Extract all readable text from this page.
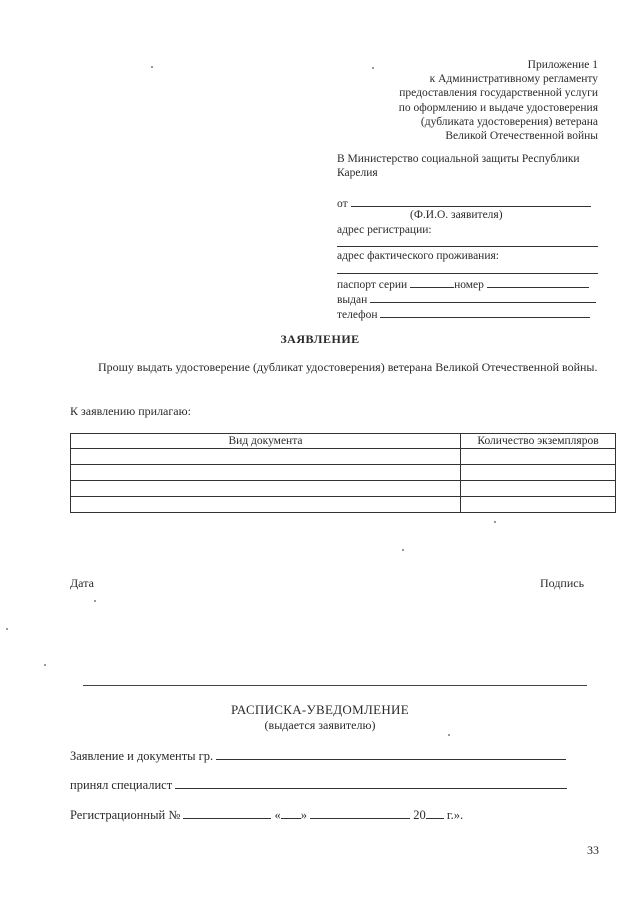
Приложение 1
к Административному регламенту
предоставления государственной услуги
по оформлению и выдаче удостоверения
(дубликата удостоверения) ветерана
Великой Отечественной войны
В Министерство социальной защиты Республики
Карелия
от
(Ф.И.О. заявителя)
адрес регистрации:
адрес фактического проживания:
паспорт серии	номер
выдан
телефон
ЗАЯВЛЕНИЕ
Прошу выдать удостоверение (дубликат удостоверения) ветерана Великой Отечественной войны.
К заявлению прилагаю:
Вид документа	Количество экземпляров

Дата	Подпись
РАСПИСКА-УВЕДОМЛЕНИЕ
(выдается заявителю)
Заявление и документы гр.
принял специалист
Регистрационный №	« »	20 г.».
33
